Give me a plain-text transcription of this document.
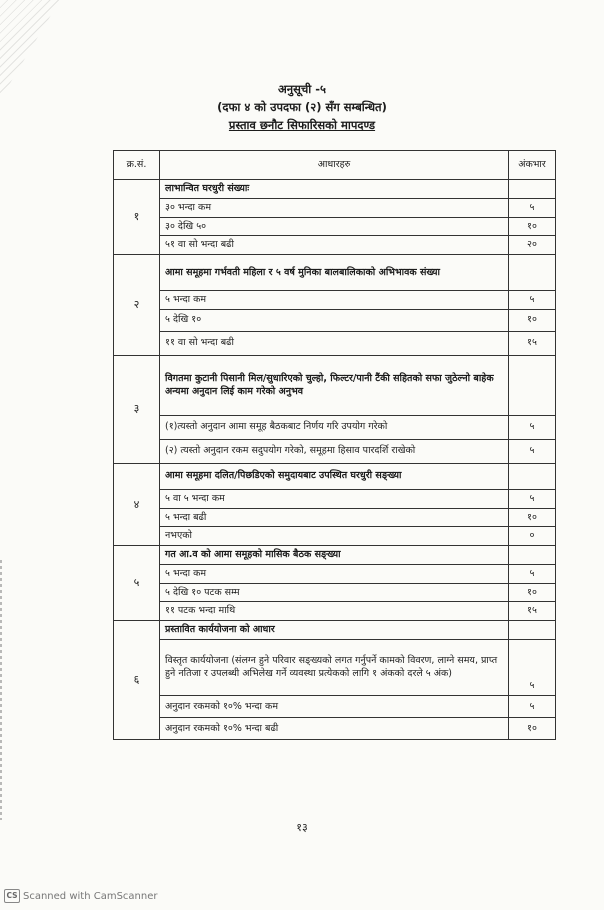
अनुसूची -५
(दफा ४ को उपदफा (२) सँग सम्बन्धित)
प्रस्ताव छनौट सिफारिसको मापदण्ड
क्र.सं.	आधारहरु	अंकभार
१	लाभान्वित घरधुरी संख्याः	
	३० भन्दा कम	५
	३० देखि ५०	१०
	५१ वा सो भन्दा बढी	२०
२	आमा समूहमा गर्भवती महिला र ५ वर्ष मुनिका बालबालिकाको अभिभावक संख्या	
	५ भन्दा कम	५
	५ देखि १०	१०
	११ वा सो भन्दा बढी	१५
३	विगतमा कुटानी पिसानी मिल/सुधारिएको चुल्हो, फिल्टर/पानी टैंकी सहितको सफा जुठेल्नो बाहेक अन्यमा अनुदान लिई काम गरेको अनुभव	
	(१)त्यस्तो अनुदान आमा समूह बैठकबाट निर्णय गरि उपयोग गरेको	५
	(२) त्यस्तो अनुदान रकम सदुपयोग गरेको, समूहमा हिसाव पारदर्शि राखेको	५
४	आमा समूहमा दलित/पिछडिएको समुदायबाट उपस्थित घरधुरी सङ्ख्या	
	५ वा ५ भन्दा कम	५
	५ भन्दा बढी	१०
	नभएको	०
५	गत आ.व को आमा समूहको मासिक बैठक सङ्ख्या	
	५ भन्दा कम	५
	५ देखि १० पटक सम्म	१०
	११ पटक भन्दा माथि	१५
६	प्रस्तावित कार्ययोजना को आधार	
	विस्तृत कार्ययोजना (संलग्न हुने परिवार सङ्ख्यको लगत गर्नुपर्ने कामको विवरण, लाग्ने समय, प्राप्त हुने नतिजा र उपलब्धी अभिलेख गर्ने व्यवस्था प्रत्येकको लागि १ अंकको दरले ५ अंक)	५
	अनुदान रकमको १०% भन्दा कम	५
	अनुदान रकमको १०% भन्दा बढी	१०
१३
CS Scanned with CamScanner
